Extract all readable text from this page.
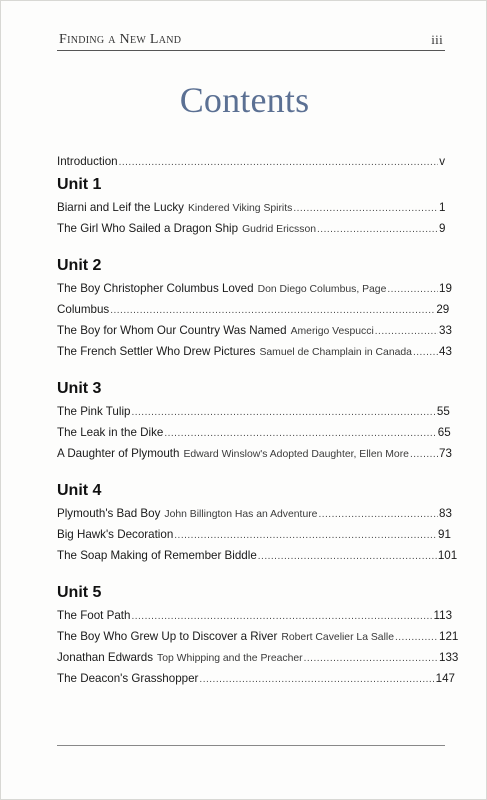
Finding a New Land	iii
Contents
Introduction .....	v
Unit 1
Biarni and Leif the Lucky Kindered Viking Spirits .....	1
The Girl Who Sailed a Dragon Ship Gudrid Ericsson .....	9
Unit 2
The Boy Christopher Columbus Loved Don Diego Columbus, Page .....	19
Columbus .....	29
The Boy for Whom Our Country Was Named Amerigo Vespucci .....	33
The French Settler Who Drew Pictures Samuel de Champlain in Canada ..... 43
Unit 3
The Pink Tulip .....	55
The Leak in the Dike .....	65
A Daughter of Plymouth Edward Winslow's Adopted Daughter, Ellen More .....	73
Unit 4
Plymouth's Bad Boy John Billington Has an Adventure .....	83
Big Hawk's Decoration .....	91
The Soap Making of Remember Biddle .....	101
Unit 5
The Foot Path .....	113
The Boy Who Grew Up to Discover a River Robert Cavelier La Salle .....	121
Jonathan Edwards Top Whipping and the Preacher .....	133
The Deacon's Grasshopper .....	147
